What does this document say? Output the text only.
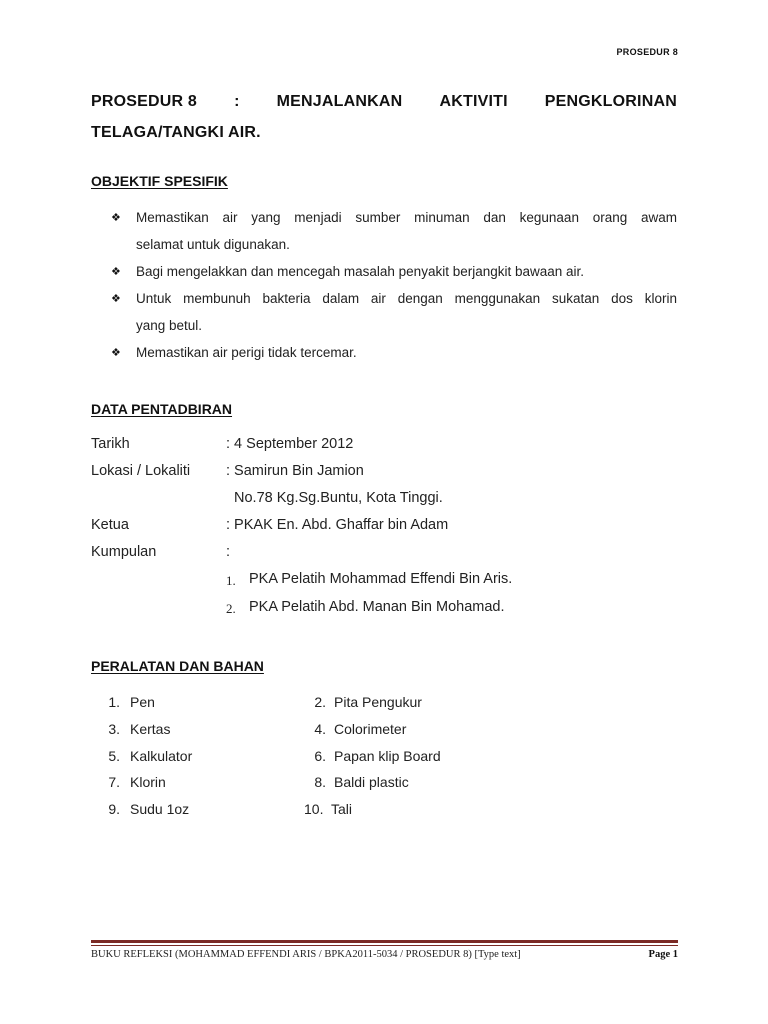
PROSEDUR 8
PROSEDUR 8 : MENJALANKAN AKTIVITI PENGKLORINAN
TELAGA/TANGKI AIR.
OBJEKTIF SPESIFIK
❖ Memastikan air yang menjadi sumber minuman dan kegunaan orang awam
selamat untuk digunakan.
❖ Bagi mengelakkan dan mencegah masalah penyakit berjangkit bawaan air.
❖ Untuk membunuh bakteria dalam air dengan menggunakan sukatan dos klorin
yang betul.
❖ Memastikan air perigi tidak tercemar.
DATA PENTADBIRAN
Tarikh	: 4 September 2012
Lokasi / Lokaliti : Samirun Bin Jamion
No.78 Kg.Sg.Buntu, Kota Tinggi.
Ketua	: PKAK En. Abd. Ghaffar bin Adam
Kumpulan	:
1. PKA Pelatih Mohammad Effendi Bin Aris.
2. PKA Pelatih Abd. Manan Bin Mohamad.
PERALATAN DAN BAHAN
1. Pen	2. Pita Pengukur
3. Kertas	4. Colorimeter
5. Kalkulator	6. Papan klip Board
7. Klorin	8. Baldi plastic
9. Sudu 1oz	10. Tali
BUKU REFLEKSI (MOHAMMAD EFFENDI ARIS / BPKA2011-5034 / PROSEDUR 8) [Type text]	Page 1
